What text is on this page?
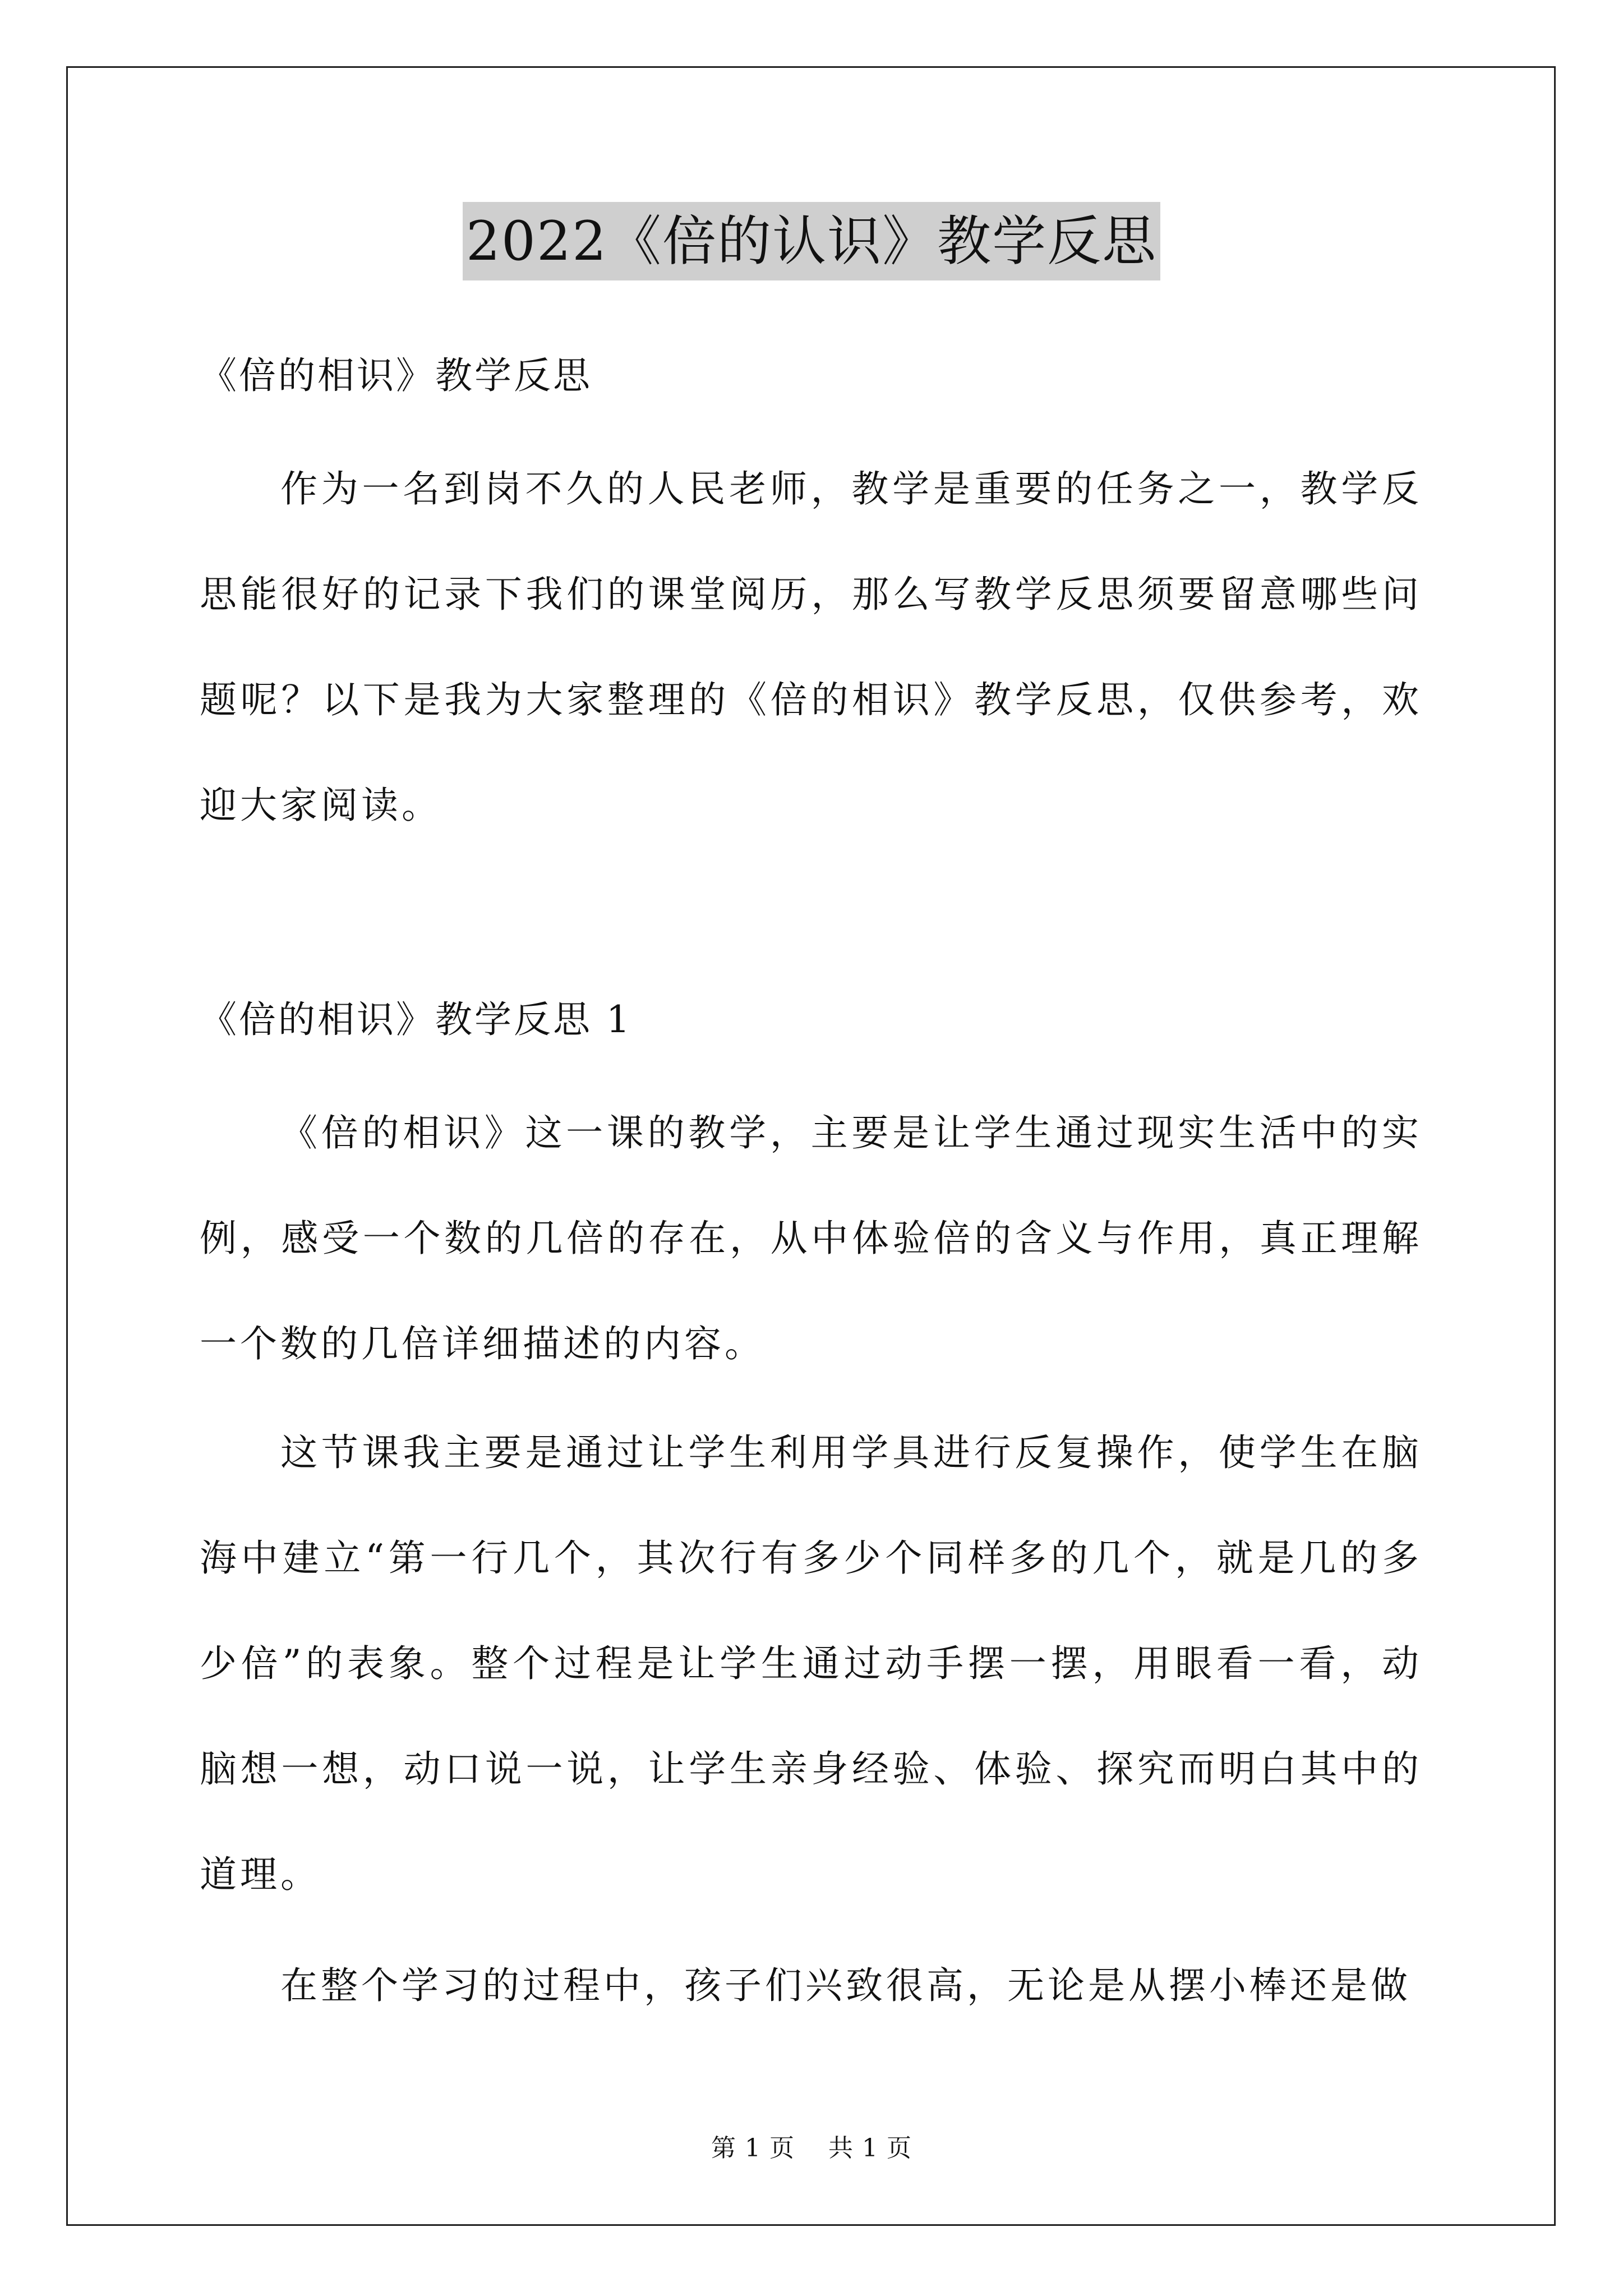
2022《倍的认识》教学反思

《倍的相识》教学反思

作为一名到岗不久的人民老师，教学是重要的任务之一，教学反思能很好的记录下我们的课堂阅历，那么写教学反思须要留意哪些问题呢？以下是我为大家整理的《倍的相识》教学反思，仅供参考，欢迎大家阅读。

《倍的相识》教学反思 1

《倍的相识》这一课的教学，主要是让学生通过现实生活中的实例，感受一个数的几倍的存在，从中体验倍的含义与作用，真正理解一个数的几倍详细描述的内容。

这节课我主要是通过让学生利用学具进行反复操作，使学生在脑海中建立“第一行几个，其次行有多少个同样多的几个，就是几的多少倍”的表象。整个过程是让学生通过动手摆一摆，用眼看一看，动脑想一想，动口说一说，让学生亲身经验、体验、探究而明白其中的道理。

在整个学习的过程中，孩子们兴致很高，无论是从摆小棒还是做

第 1 页 共 1 页
